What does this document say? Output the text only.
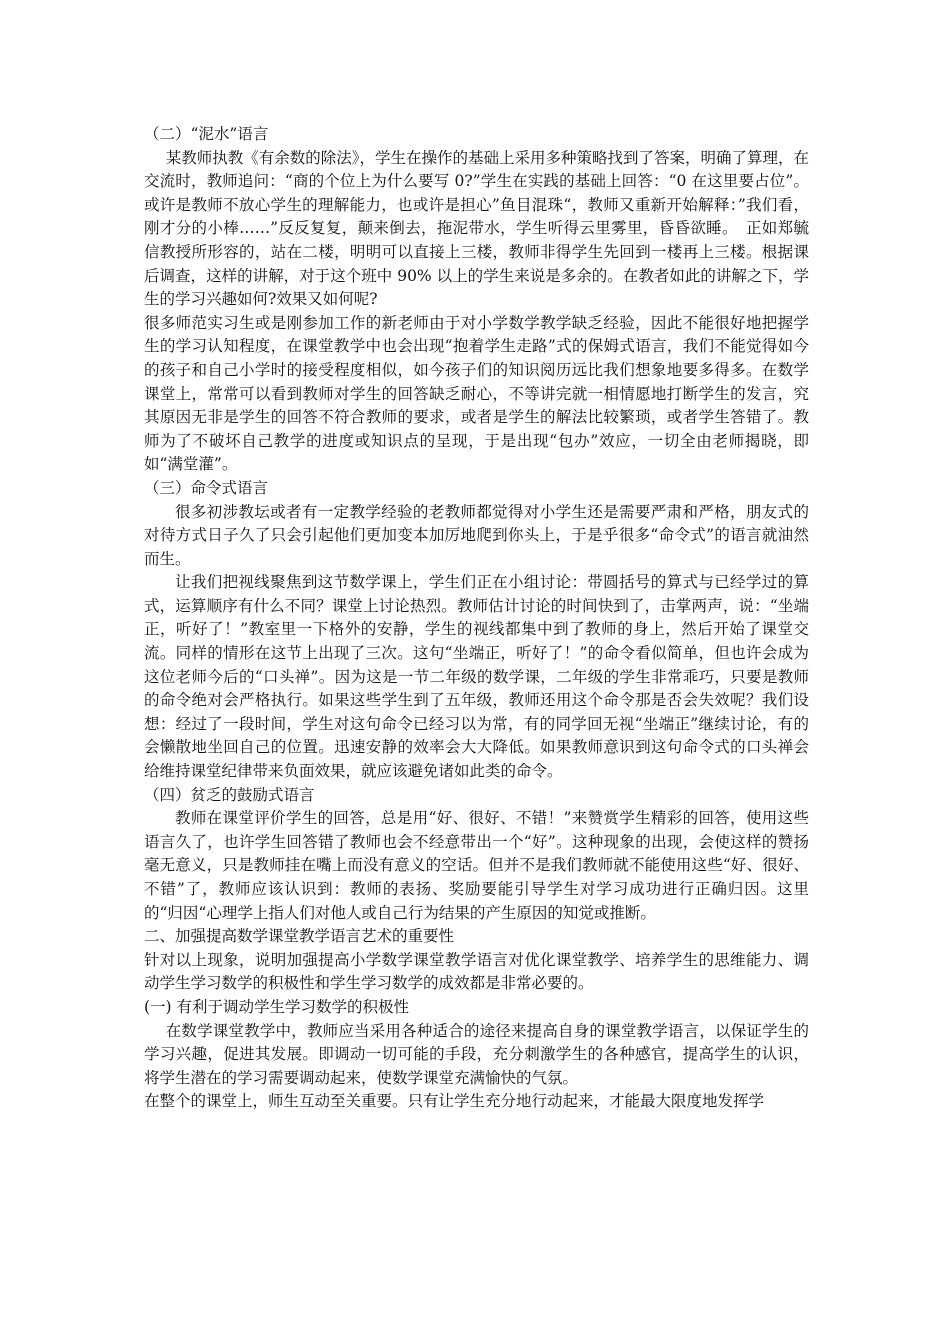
（二）“泥水”语言

某教师执教《有余数的除法》，学生在操作的基础上采用多种策略找到了答案，明确了算理，在交流时，教师追问：“商的个位上为什么要写 0?”学生在实践的基础上回答：“0 在这里要占位”。或许是教师不放心学生的理解能力，也或许是担心”鱼目混珠“，教师又重新开始解释：”我们看，刚才分的小棒……”反反复复，颠来倒去，拖泥带水，学生听得云里雾里，昏昏欲睡。　正如郑毓信教授所形容的，站在二楼，明明可以直接上三楼，教师非得学生先回到一楼再上三楼。根据课后调查，这样的讲解，对于这个班中 90% 以上的学生来说是多余的。在教者如此的讲解之下，学生的学习兴趣如何?效果又如何呢?

很多师范实习生或是刚参加工作的新老师由于对小学数学教学缺乏经验，因此不能很好地把握学生的学习认知程度，在课堂教学中也会出现“抱着学生走路”式的保姆式语言，我们不能觉得如今的孩子和自己小学时的接受程度相似，如今孩子们的知识阅历远比我们想象地要多得多。在数学课堂上，常常可以看到教师对学生的回答缺乏耐心，不等讲完就一相情愿地打断学生的发言，究其原因无非是学生的回答不符合教师的要求，或者是学生的解法比较繁琐，或者学生答错了。教师为了不破坏自己教学的进度或知识点的呈现，于是出现“包办”效应，一切全由老师揭晓，即如“满堂灌”。

（三）命令式语言

很多初涉教坛或者有一定教学经验的老教师都觉得对小学生还是需要严肃和严格，朋友式的对待方式日子久了只会引起他们更加变本加厉地爬到你头上，于是乎很多“命令式”的语言就油然而生。

让我们把视线聚焦到这节数学课上，学生们正在小组讨论：带圆括号的算式与已经学过的算式，运算顺序有什么不同？课堂上讨论热烈。教师估计讨论的时间快到了，击掌两声，说：“坐端正，听好了！”教室里一下格外的安静，学生的视线都集中到了教师的身上，然后开始了课堂交流。同样的情形在这节上出现了三次。这句“坐端正，听好了！”的命令看似简单，但也许会成为这位老师今后的“口头禅”。因为这是一节二年级的数学课，二年级的学生非常乖巧，只要是教师的命令绝对会严格执行。如果这些学生到了五年级，教师还用这个命令那是否会失效呢？我们设想：经过了一段时间，学生对这句命令已经习以为常，有的同学回无视“坐端正”继续讨论，有的会懒散地坐回自己的位置。迅速安静的效率会大大降低。如果教师意识到这句命令式的口头禅会给维持课堂纪律带来负面效果，就应该避免诸如此类的命令。

（四）贫乏的鼓励式语言

教师在课堂评价学生的回答，总是用“好、很好、不错！”来赞赏学生精彩的回答，使用这些语言久了，也许学生回答错了教师也会不经意带出一个“好”。这种现象的出现，会使这样的赞扬毫无意义，只是教师挂在嘴上而没有意义的空话。但并不是我们教师就不能使用这些“好、很好、不错”了，教师应该认识到：教师的表扬、奖励要能引导学生对学习成功进行正确归因。这里的“归因“心理学上指人们对他人或自己行为结果的产生原因的知觉或推断。

二、加强提高数学课堂教学语言艺术的重要性

针对以上现象，说明加强提高小学数学课堂教学语言对优化课堂教学、培养学生的思维能力、调动学生学习数学的积极性和学生学习数学的成效都是非常必要的。

(一) 有利于调动学生学习数学的积极性

在数学课堂教学中，教师应当采用各种适合的途径来提高自身的课堂教学语言，以保证学生的学习兴趣，促进其发展。即调动一切可能的手段，充分刺激学生的各种感官，提高学生的认识，将学生潜在的学习需要调动起来，使数学课堂充满愉快的气氛。

在整个的课堂上，师生互动至关重要。只有让学生充分地行动起来，才能最大限度地发挥学
